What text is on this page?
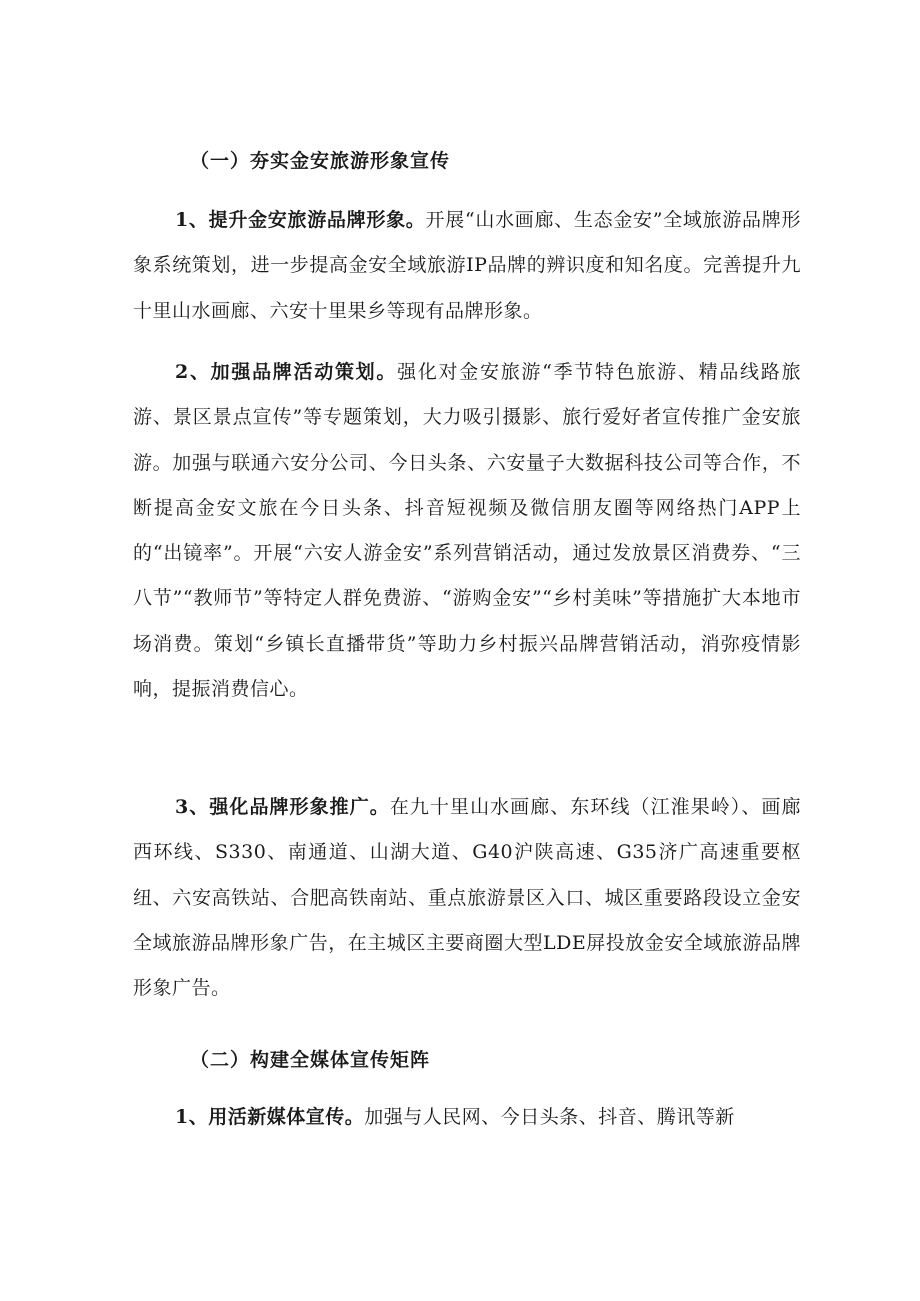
（一）夯实金安旅游形象宣传
1、提升金安旅游品牌形象。开展“山水画廊、生态金安”全域旅游品牌形象系统策划，进一步提高金安全域旅游IP品牌的辨识度和知名度。完善提升九十里山水画廊、六安十里果乡等现有品牌形象。
2、加强品牌活动策划。强化对金安旅游“季节特色旅游、精品线路旅游、景区景点宣传”等专题策划，大力吸引摄影、旅行爱好者宣传推广金安旅游。加强与联通六安分公司、今日头条、六安量子大数据科技公司等合作，不断提高金安文旅在今日头条、抖音短视频及微信朋友圈等网络热门APP上的“出镜率”。开展“六安人游金安”系列营销活动，通过发放景区消费券、“三八节”“教师节”等特定人群免费游、“游购金安”“乡村美味”等措施扩大本地市场消费。策划“乡镇长直播带货”等助力乡村振兴品牌营销活动，消弥疫情影响，提振消费信心。
3、强化品牌形象推广。在九十里山水画廊、东环线（江淮果岭）、画廊西环线、S330、南通道、山湖大道、G40沪陕高速、G35济广高速重要枢纽、六安高铁站、合肥高铁南站、重点旅游景区入口、城区重要路段设立金安全域旅游品牌形象广告，在主城区主要商圈大型LDE屏投放金安全域旅游品牌形象广告。
（二）构建全媒体宣传矩阵
1、用活新媒体宣传。加强与人民网、今日头条、抖音、腾讯等新
